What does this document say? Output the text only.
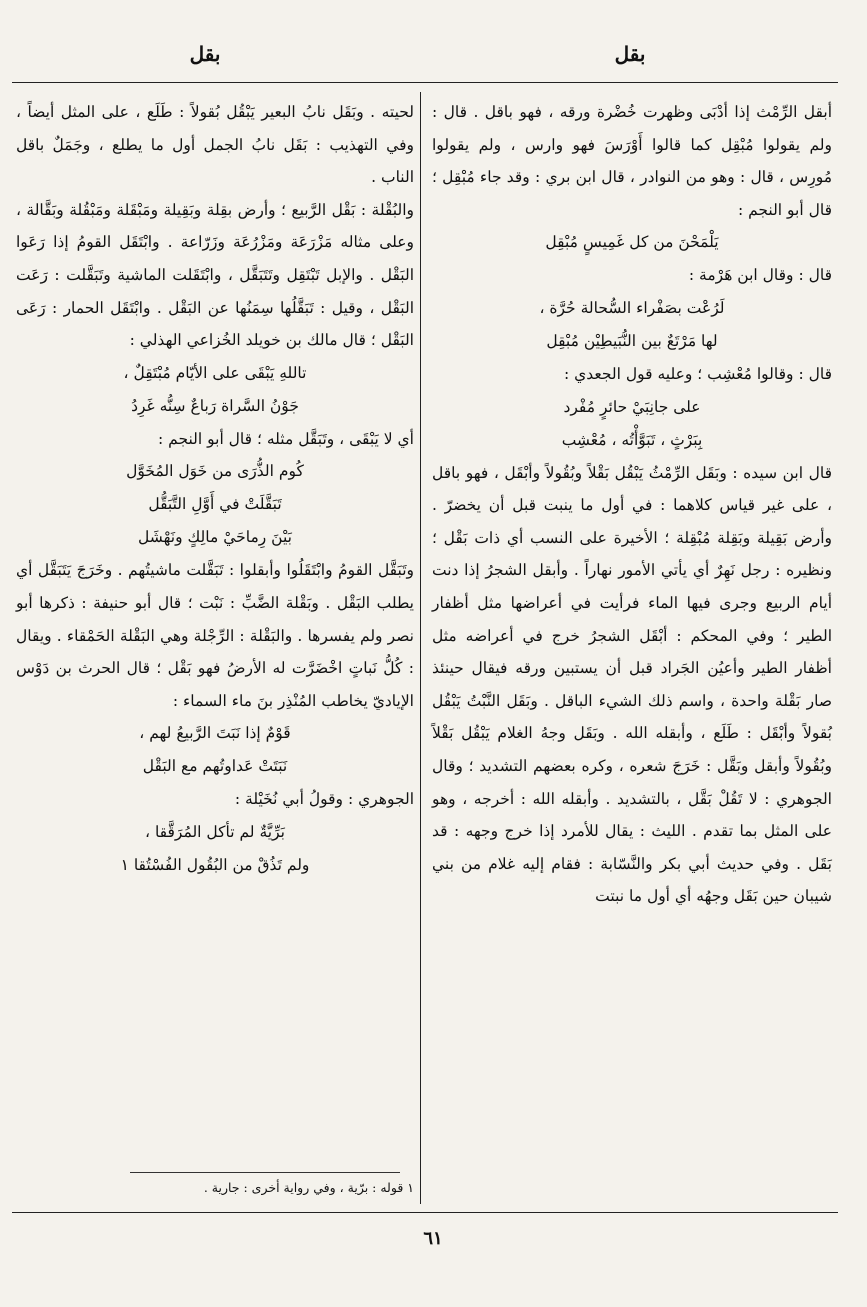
بقل
بقل
أبقل الرِّمْث إذا أدْبَى وظهرت خُضْرة ورقه ، فهو باقل . قال : ولم يقولوا مُبْقِل كما قالوا أَوْرَسَ فهو وارس ، ولم يقولوا مُورِس ، قال : وهو من النوادر ، قال ابن بري : وقد جاء مُبْقِل ؛ قال أبو النجم :
يَلْمَحْنَ من كل غَمِيسٍ مُبْقِل
قال : وقال ابن هَرْمة :
لَرُعْت بصَفْراء السُّحالة حُرَّة ،
لها مَرْتَعٌ بين النُّبَيطِيْن مُبْقِل
قال : وقالوا مُعْشِب ؛ وعليه قول الجعدي :
على جانِبَيْ حائرٍ مُفْرد
بِبَرْثٍ ، تَبَوَّأْتُه ، مُعْشِب
قال ابن سيده : وبَقَل الرِّمْثُ يَبْقُل بَقْلاً وبُقُولاً وأبْقَل ، فهو باقل ، على غير قياس كلاهما : في أول ما ينبت قبل أن يخضرّ . وأرض بَقِيلة وبَقِلة مُبْقِلة ؛ الأخيرة على النسب أي ذات بَقْل ؛ ونظيره : رجل نَهِرٌ أي يأتي الأمور نهاراً . وأبقل الشجرُ إذا دنت أيام الربيع وجرى فيها الماء فرأيت في أعراضها مثل أظفار الطير ؛ وفي المحكم : أبْقَل الشجرُ خرج في أعراضه مثل أظفار الطير وأعيُن الجَراد قبل أن يستبين ورقه فيقال حينئذ صار بَقْلة واحدة ، واسم ذلك الشيء الباقل . وبَقَل النَّبْتُ يَبْقُل بُقولاً وأبْقَل : طَلَع ، وأبقله الله . وبَقَل وجهُ الغلام يَبْقُل بَقْلاً وبُقُولاً وأبقل وبَقَّل : خَرَجَ شعره ، وكره بعضهم التشديد ؛ وقال الجوهري : لا تَقُلْ بَقَّل ، بالتشديد . وأبقله الله : أخرجه ، وهو على المثل بما تقدم . الليث : يقال للأمرد إذا خرج وجهه : قد بَقَل . وفي حديث أبي بكر والنَّسّابة : فقام إليه غلام من بني شيبان حين بَقَل وجهُه أي أول ما نبتت
لحيته . وبَقَل نابُ البعير يَبْقُل بُقولاً : طَلَع ، على المثل أيضاً ، وفي التهذيب : بَقَل نابُ الجمل أول ما يطلع ، وجَمَلٌ باقل الناب .
والبُقْلة : بَقْل الرَّبيع ؛ وأرض بقِلة وبَقِيلة ومَبْقَلة ومَبْقُلة وبَقَّالة ، وعلى مثاله مَزْرَعَة ومَزْرُعَة وزَرّاعة . وابْتَقَل القومُ إذا رَعَوا البَقْل . والإبل تَبْتَقِل وتَتَبَقَّل ، وابْتَقَلت الماشية وتَبَقَّلت : رَعَت البَقْل ، وقيل : تَبَقَّلُها سِمَنُها عن البَقْل . وابْتَقَل الحمار : رَعَى البَقْل ؛ قال مالك بن خويلد الخُزاعي الهذلي :
تاللهِ يَبْقَى على الأيّام مُبْتَقِلٌ ،
جَوْنُ السَّراة رَباعٌ سِنُّه غَرِدُ
أي لا يَبْقَى ، وتَبَقَّل مثله ؛ قال أبو النجم :
كُوم الذُّرَى من خَوَل المُخَوَّل
تَبَقَّلَتْ في أَوَّلِ التَّبَقُّل
بَيْنَ رِماحَيْ مالِكٍ ونَهْشَل
وتَبَقَّل القومُ وابْتَقَلُوا وأبقلوا : تَبَقَّلت ماشيتُهم . وخَرَجَ يَتَبَقَّل أي يطلب البَقْل . وبَقْلة الضَّبِّ : نَبْت ؛ قال أبو حنيفة : ذكرها أبو نصر ولم يفسرها . والبَقْلة : الرِّجْلة وهي البَقْلة الحَمْقاء . ويقال : كُلُّ نَباتٍ اخْضَرَّت له الأرضُ فهو بَقْل ؛ قال الحرث بن دَوْس الإياديّ يخاطب المُنْذِر بنَ ماء السماء :
قَوْمٌ إذا نَبَتَ الرَّبيعُ لهم ،
نَبَتَتْ عَداوتُهم مع البَقْل
الجوهري : وقولُ أبي نُخَيْلة :
بَرِّيَّةٌ لم تأكل المُرَقَّقا ،
ولم تَذُقْ من البُقُول الفُسْتُقا ١
١ قوله : برّية ، وفي رواية أخرى : جارية .
٦١
